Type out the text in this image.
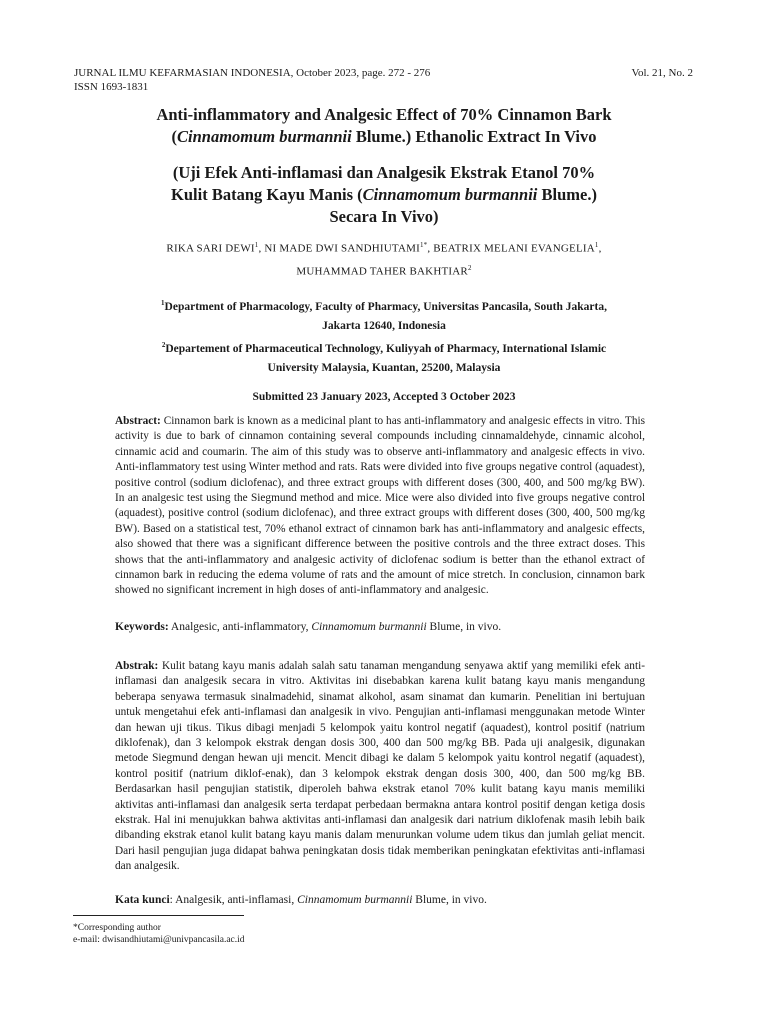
JURNAL ILMU KEFARMASIAN INDONESIA, October 2023, page. 272 - 276
ISSN 1693-1831
Vol. 21, No. 2

Anti-inflammatory and Analgesic Effect of 70% Cinnamon Bark
(Cinnamomum burmannii Blume.) Ethanolic Extract In Vivo

(Uji Efek Anti-inflamasi dan Analgesik Ekstrak Etanol 70%
Kulit Batang Kayu Manis (Cinnamomum burmannii Blume.)
Secara In Vivo)

RIKA SARI DEWI$^1$, NI MADE DWI $SANDHIUTAMI^{1*}$, BEATRIX MELANI EVANGELIA$^1$,
MUHAMMAD TAHER BAKHTIAR$^2$
$^1$Department of Pharmacology, Faculty of Pharmacy, Universitas Pancasila, South Jakarta,
Jakarta 12640, Indonesia
$^2$Departement of Pharmaceutical Technology, Kuliyyah of Pharmacy, International Islamic
University Malaysia, Kuantan, 25200, Malaysia
Submitted 23 January 2023, Accepted 3 October 2023
Abstract: Cinnamon bark is known as a medicinal plant to has anti-inflammatory and analgesic effects in vitro. This activity is due to bark of cinnamon containing several compounds including cinnamaldehyde, cinnamic alcohol, cinnamic acid and coumarin. The aim of this study was to observe anti-inflammatory and analgesic effects in vivo. Anti-inflammatory test using Winter method and rats. Rats were divided into five groups negative control (aquadest), positive control (sodium diclofenac), and three extract groups with different doses (300, 400, and 500 mg/kg BW). In an analgesic test using the Siegmund method and mice. Mice were also divided into five groups negative control (aquadest), positive control (sodium diclofenac), and three extract groups with different doses (300, 400, 500 mg/kg BW). Based on a statistical test, 70% ethanol extract of cinnamon bark has anti-inflammatory and analgesic effects, also showed that there was a significant difference between the positive controls and the three extract doses. This shows that the anti-inflammatory and analgesic activity of diclofenac sodium is better than the ethanol extract of cinnamon bark in reducing the edema volume of rats and the amount of mice stretch. In conclusion, cinnamon bark showed no significant increment in high doses of anti-inflammatory and analgesic.
Keywords: Analgesic, anti-inflammatory, Cinnamomum burmannii Blume, in vivo.
Abstrak: Kulit batang kayu manis adalah salah satu tanaman mengandung senyawa aktif yang memiliki efek anti-inflamasi dan analgesik secara in vitro. Aktivitas ini disebabkan karena kulit batang kayu manis mengandung beberapa senyawa termasuk sinalmadehid, sinamat alkohol, asam sinamat dan kumarin. Penelitian ini bertujuan untuk mengetahui efek anti-inflamasi dan analgesik in vivo. Pengujian anti-inflamasi menggunakan metode Winter dan hewan uji tikus. Tikus dibagi menjadi 5 kelompok yaitu kontrol negatif (aquadest), kontrol positif (natrium diklofenak), dan 3 kelompok ekstrak dengan dosis 300, 400 dan 500 mg/kg BB. Pada uji analgesik, digunakan metode Siegmund dengan hewan uji mencit. Mencit dibagi ke dalam 5 kelompok yaitu kontrol negatif (aquadest), kontrol positif (natrium diklof-enak), dan 3 kelompok ekstrak dengan dosis 300, 400, dan 500 mg/kg BB. Berdasarkan hasil pengujian statistik, diperoleh bahwa ekstrak etanol 70% kulit batang kayu manis memiliki aktivitas anti-inflamasi dan analgesik serta terdapat perbedaan bermakna antara kontrol positif dengan ketiga dosis ekstrak. Hal ini menujukkan bahwa aktivitas anti-inflamasi dan analgesik dari natrium diklofenak masih lebih baik dibanding ekstrak etanol kulit batang kayu manis dalam menurunkan volume udem tikus dan jumlah geliat mencit. Dari hasil pengujian juga didapat bahwa peningkatan dosis tidak memberikan peningkatan efektivitas anti-inflamasi dan analgesik.
Kata kunci: Analgesik, anti-inflamasi, Cinnamomum burmannii Blume, in vivo.
*Corresponding author
e-mail: dwisandhiutami@univpancasila.ac.id
